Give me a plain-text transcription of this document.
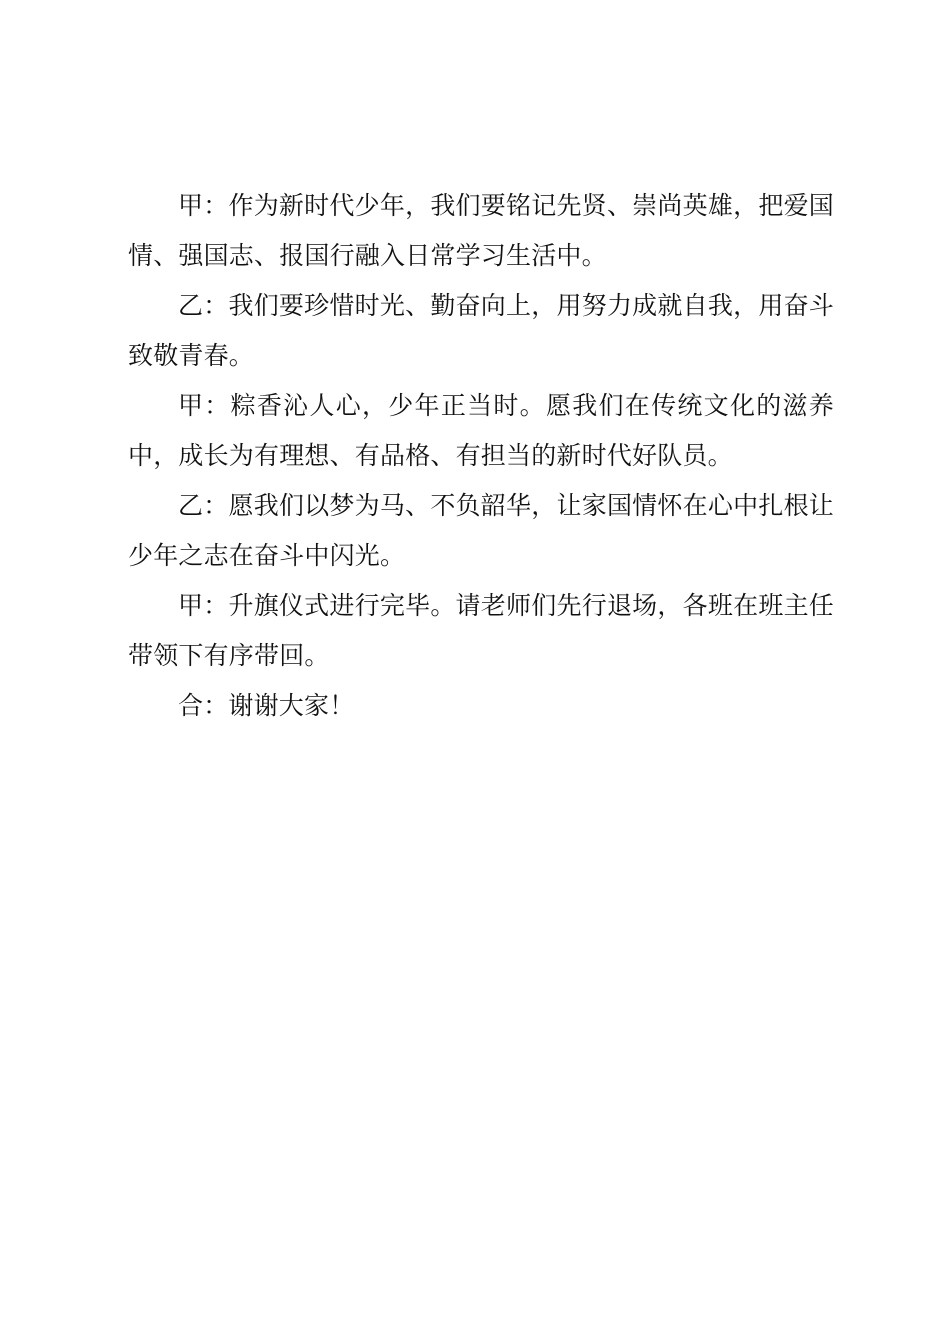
甲：作为新时代少年，我们要铭记先贤、崇尚英雄，把爱国情、强国志、报国行融入日常学习生活中。

乙：我们要珍惜时光、勤奋向上，用努力成就自我，用奋斗致敬青春。

甲：粽香沁人心，少年正当时。愿我们在传统文化的滋养中，成长为有理想、有品格、有担当的新时代好队员。

乙：愿我们以梦为马、不负韶华，让家国情怀在心中扎根让少年之志在奋斗中闪光。

甲：升旗仪式进行完毕。请老师们先行退场，各班在班主任带领下有序带回。

合：谢谢大家！
